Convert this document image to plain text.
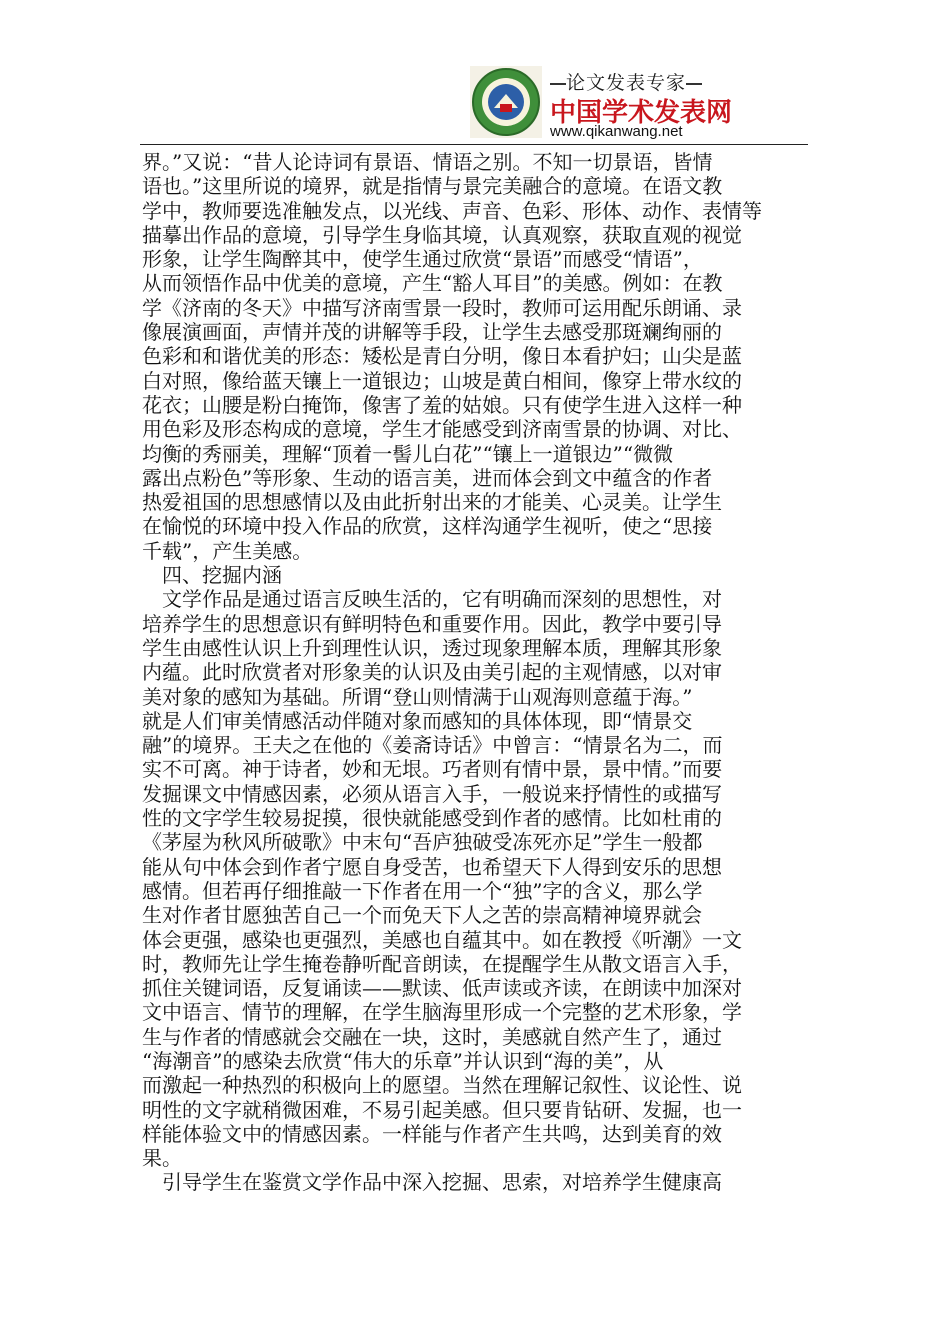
论文发表专家
中国学术发表网
www.qikanwang.net
界。”又说：“昔人论诗词有景语、情语之别。不知一切景语，皆情
语也。”这里所说的境界，就是指情与景完美融合的意境。在语文教
学中，教师要选准触发点，以光线、声音、色彩、形体、动作、表情等
描摹出作品的意境，引导学生身临其境，认真观察，获取直观的视觉
形象，让学生陶醉其中，使学生通过欣赏“景语”而感受“情语”，
从而领悟作品中优美的意境，产生“豁人耳目”的美感。例如：在教
学《济南的冬天》中描写济南雪景一段时，教师可运用配乐朗诵、录
像展演画面，声情并茂的讲解等手段，让学生去感受那斑斓绚丽的
色彩和和谐优美的形态：矮松是青白分明，像日本看护妇；山尖是蓝
白对照，像给蓝天镶上一道银边；山坡是黄白相间，像穿上带水纹的
花衣；山腰是粉白掩饰，像害了羞的姑娘。只有使学生进入这样一种
用色彩及形态构成的意境，学生才能感受到济南雪景的协调、对比、
均衡的秀丽美，理解“顶着一髻儿白花”“镶上一道银边”“微微
露出点粉色”等形象、生动的语言美，进而体会到文中蕴含的作者
热爱祖国的思想感情以及由此折射出来的才能美、心灵美。让学生
在愉悦的环境中投入作品的欣赏，这样沟通学生视听，使之“思接
千载”，产生美感。
　四、挖掘内涵
　文学作品是通过语言反映生活的，它有明确而深刻的思想性，对
培养学生的思想意识有鲜明特色和重要作用。因此，教学中要引导
学生由感性认识上升到理性认识，透过现象理解本质，理解其形象
内蕴。此时欣赏者对形象美的认识及由美引起的主观情感，以对审
美对象的感知为基础。所谓“登山则情满于山观海则意蕴于海。”
就是人们审美情感活动伴随对象而感知的具体体现，即“情景交
融”的境界。王夫之在他的《姜斋诗话》中曾言：“情景名为二，而
实不可离。神于诗者，妙和无垠。巧者则有情中景，景中情。”而要
发掘课文中情感因素，必须从语言入手，一般说来抒情性的或描写
性的文字学生较易捉摸，很快就能感受到作者的感情。比如杜甫的
《茅屋为秋风所破歌》中末句“吾庐独破受冻死亦足”学生一般都
能从句中体会到作者宁愿自身受苦，也希望天下人得到安乐的思想
感情。但若再仔细推敲一下作者在用一个“独”字的含义，那么学
生对作者甘愿独苦自己一个而免天下人之苦的崇高精神境界就会
体会更强，感染也更强烈，美感也自蕴其中。如在教授《听潮》一文
时，教师先让学生掩卷静听配音朗读，在提醒学生从散文语言入手，
抓住关键词语，反复诵读——默读、低声读或齐读，在朗读中加深对
文中语言、情节的理解，在学生脑海里形成一个完整的艺术形象，学
生与作者的情感就会交融在一块，这时，美感就自然产生了，通过
“海潮音”的感染去欣赏“伟大的乐章”并认识到“海的美”，从
而激起一种热烈的积极向上的愿望。当然在理解记叙性、议论性、说
明性的文字就稍微困难，不易引起美感。但只要肯钻研、发掘，也一
样能体验文中的情感因素。一样能与作者产生共鸣，达到美育的效
果。
　引导学生在鉴赏文学作品中深入挖掘、思索，对培养学生健康高
